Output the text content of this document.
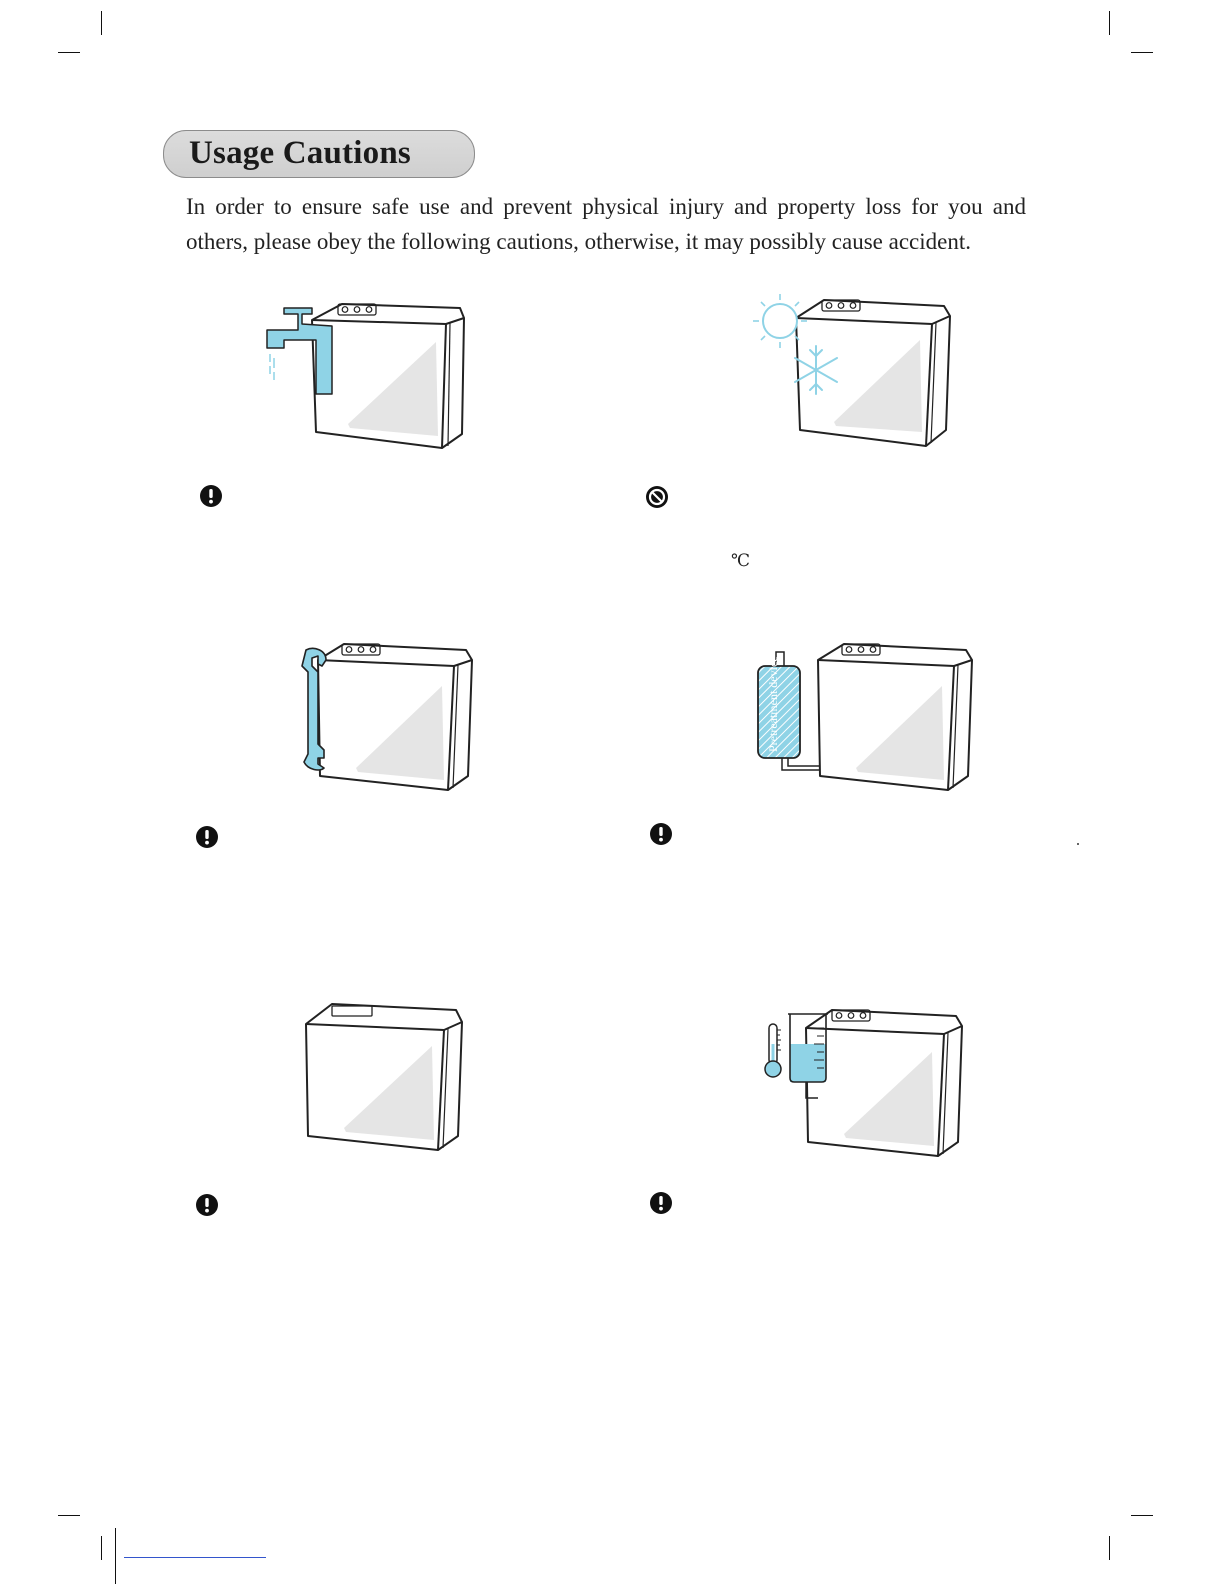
Usage Cautions
In order to ensure safe use and prevent physical injury and property loss for you and others, please obey the following cautions, otherwise, it may possibly cause accident.
℃
Pretreatment device
